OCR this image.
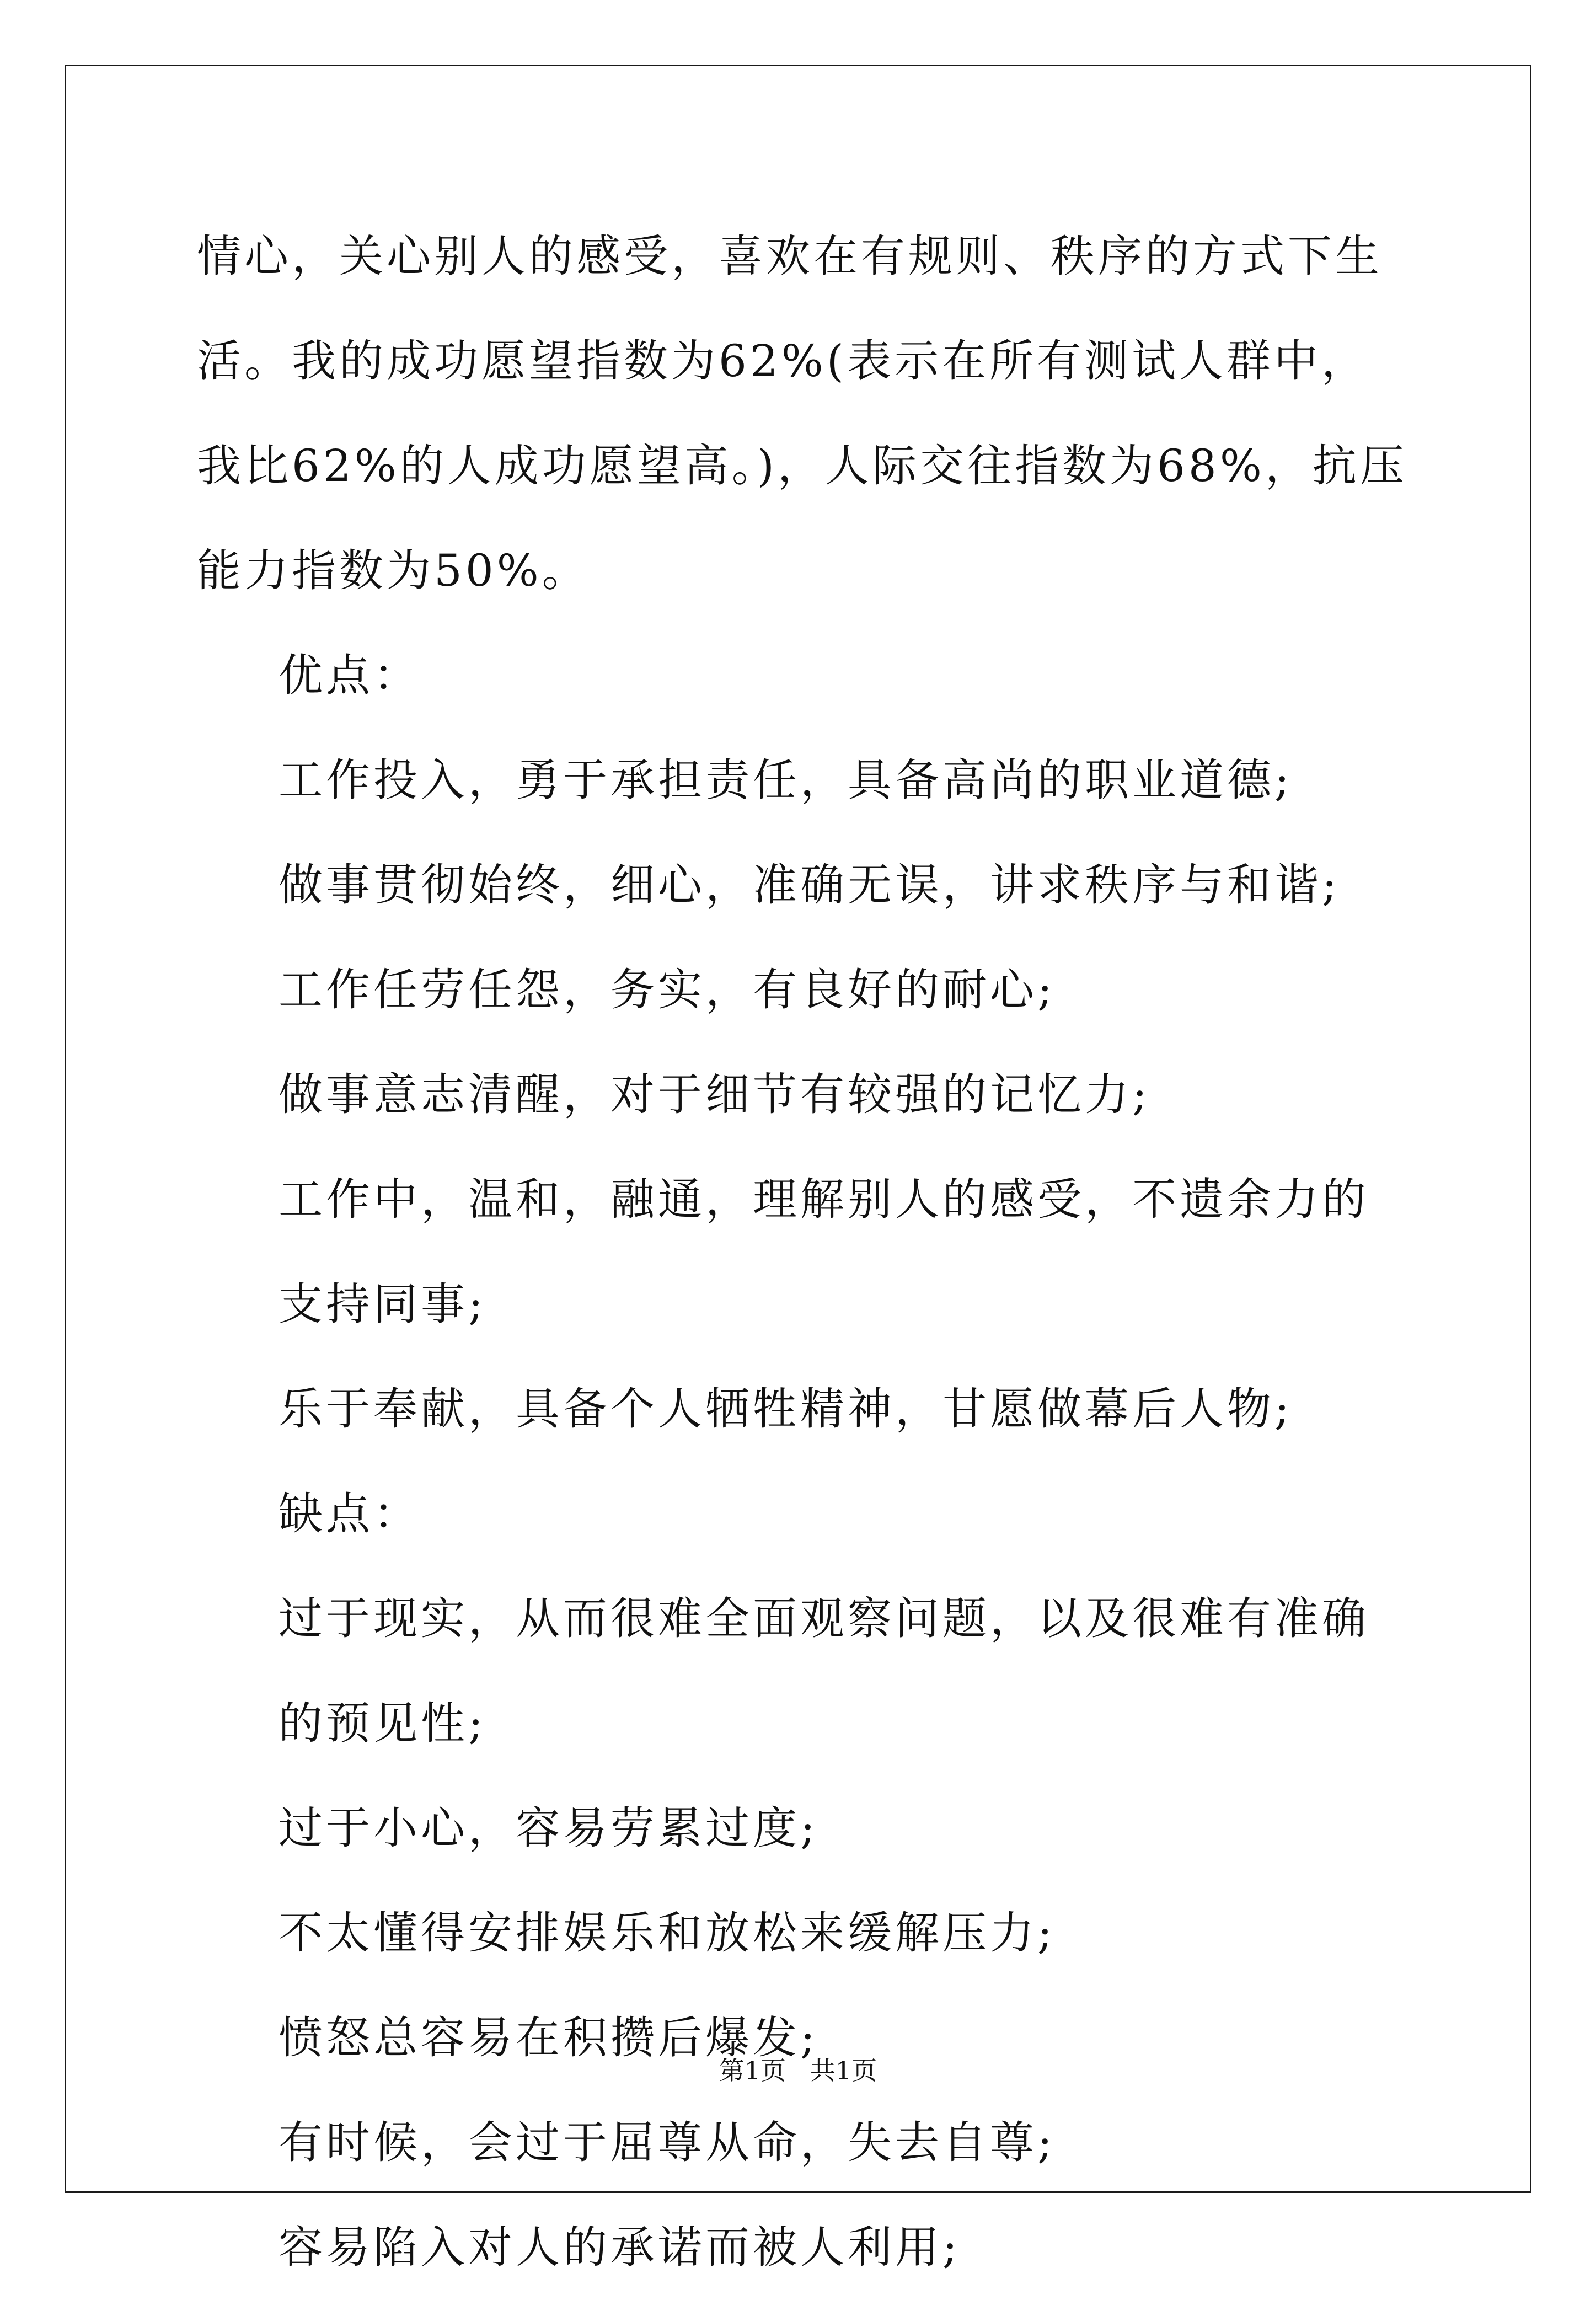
情心，关心别人的感受，喜欢在有规则、秩序的方式下生活。我的成功愿望指数为62%(表示在所有测试人群中，我比62%的人成功愿望高。)，人际交往指数为68%，抗压能力指数为50%。

优点：

工作投入，勇于承担责任，具备高尚的职业道德;

做事贯彻始终，细心，准确无误，讲求秩序与和谐;

工作任劳任怨，务实，有良好的耐心;

做事意志清醒，对于细节有较强的记忆力;

工作中，温和，融通，理解别人的感受，不遗余力的支持同事;

乐于奉献，具备个人牺牲精神，甘愿做幕后人物;

缺点：

过于现实，从而很难全面观察问题，以及很难有准确的预见性;

过于小心，容易劳累过度;

不太懂得安排娱乐和放松来缓解压力;

愤怒总容易在积攒后爆发;

有时候，会过于屈尊从命，失去自尊;

容易陷入对人的承诺而被人利用;

第1页   共1页
